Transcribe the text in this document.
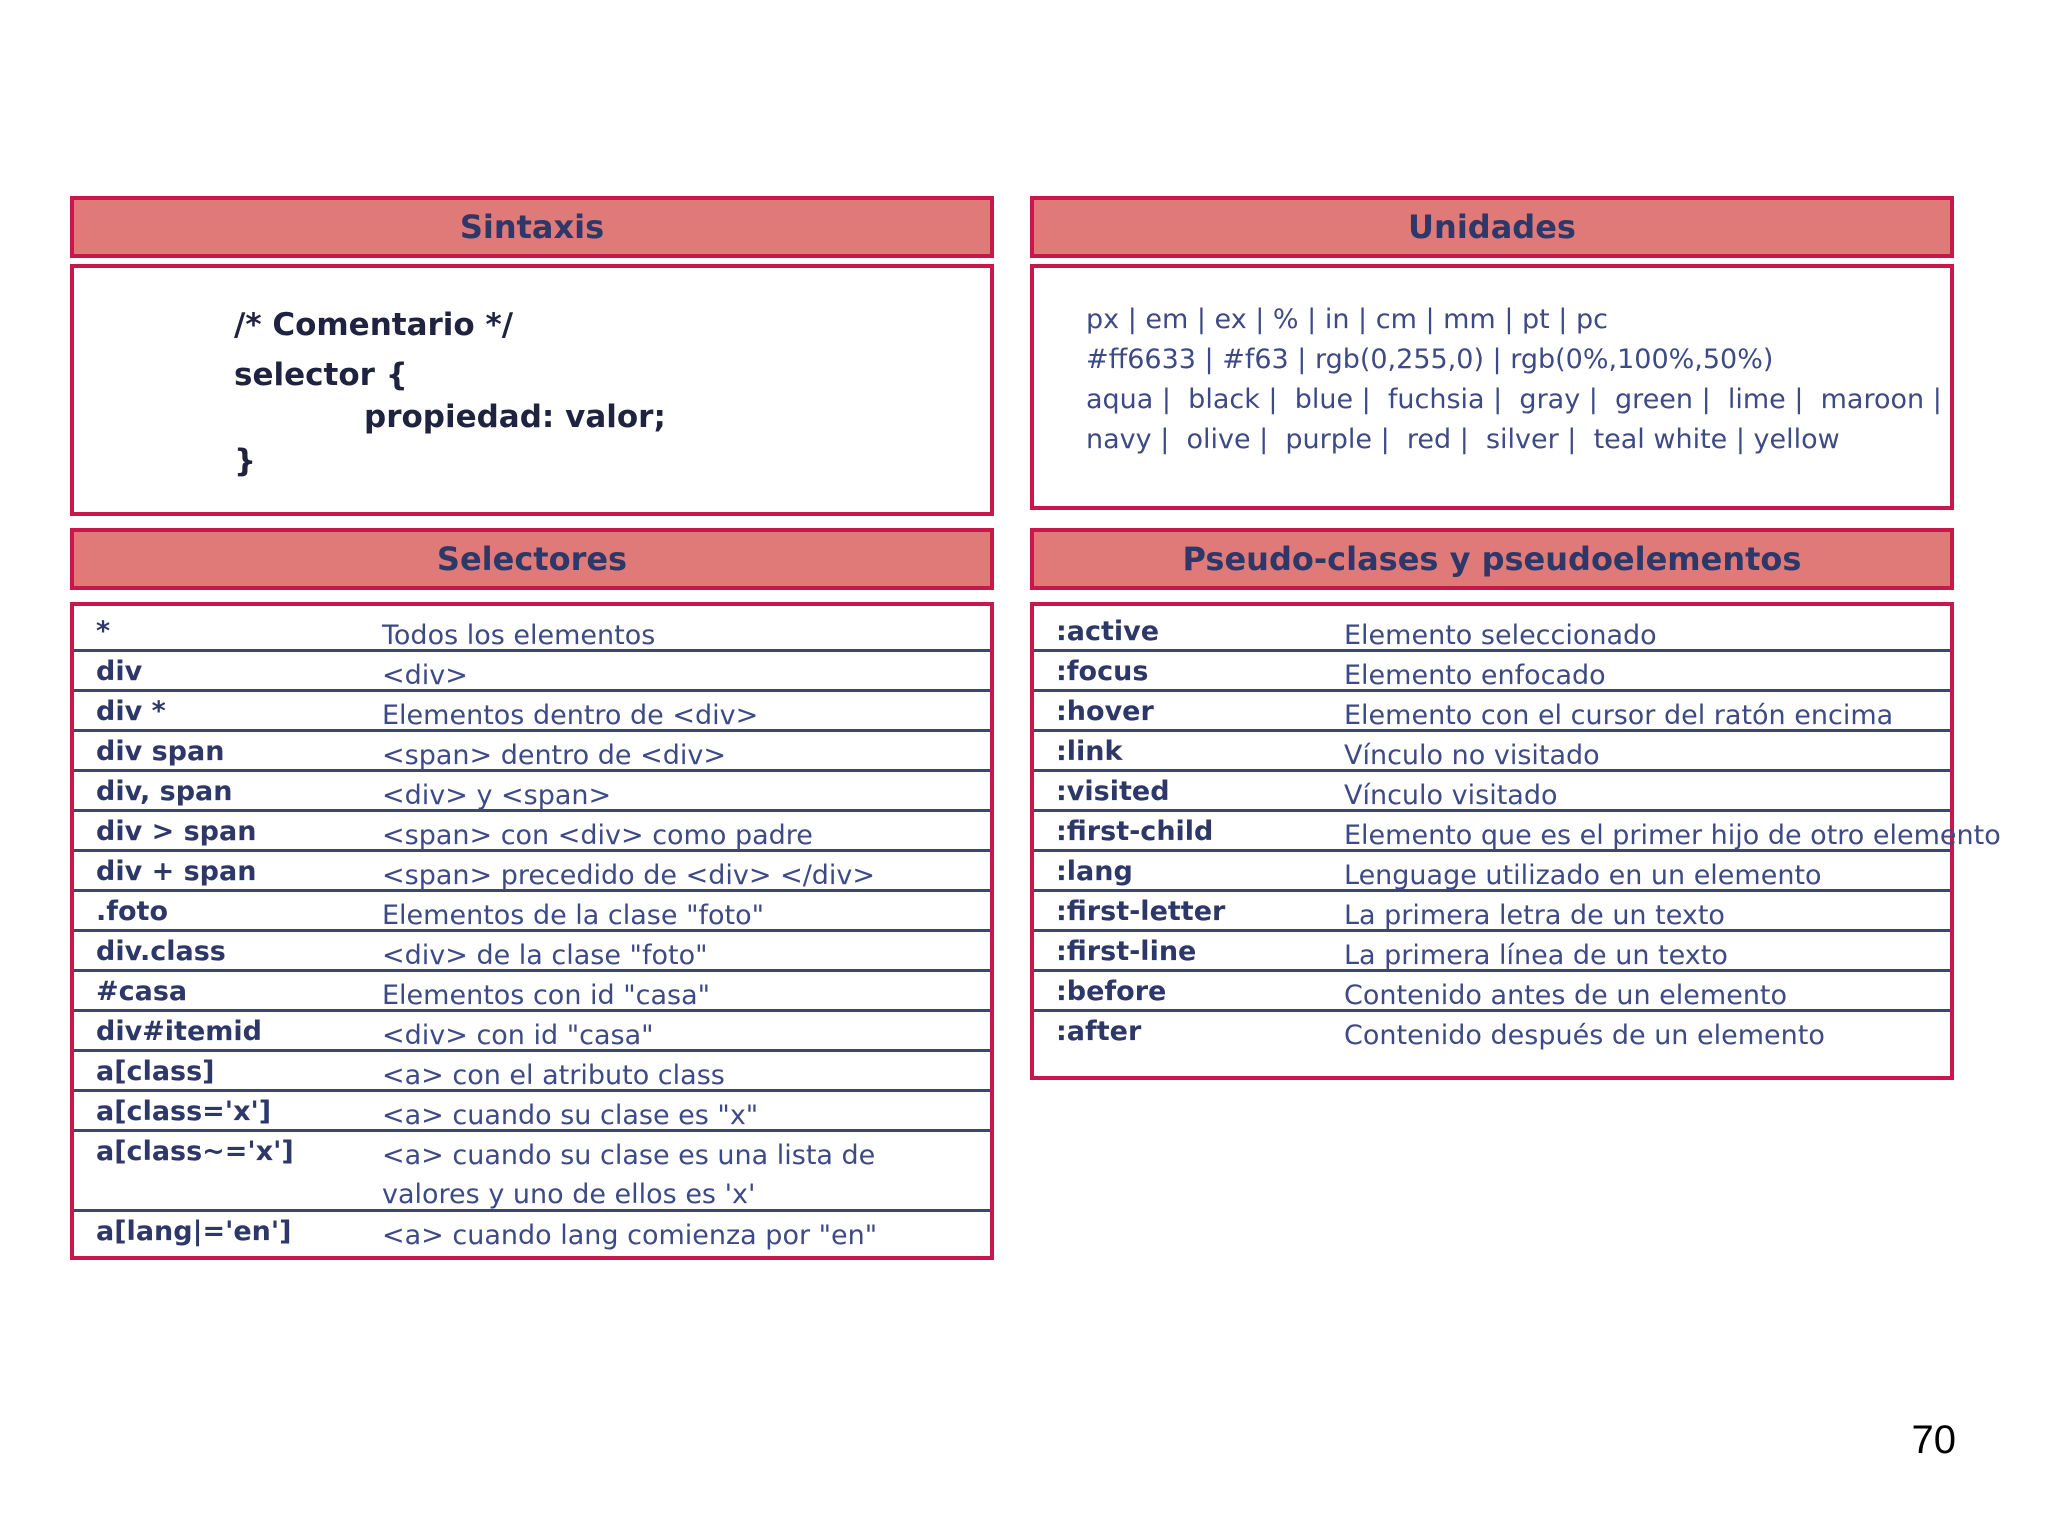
Sintaxis
/* Comentario */
selector {
propiedad: valor;
}
Unidades
px | em | ex | % | in | cm | mm | pt | pc
#ff6633 | #f63 | rgb(0,255,0) | rgb(0%,100%,50%)
aqua |  black |  blue |  fuchsia |  gray |  green |  lime |  maroon |
navy |  olive |  purple |  red |  silver |  teal white | yellow
Selectores
*	Todos los elementos
div	<div>
div *	Elementos dentro de <div>
div span	<span> dentro de <div>
div, span	<div> y <span>
div > span	<span> con <div> como padre
div + span	<span> precedido de <div> </div>
.foto	Elementos de la clase "foto"
div.class	<div> de la clase "foto"
#casa	Elementos con id "casa"
div#itemid	<div> con id "casa"
a[class]	<a> con el atributo class
a[class='x']	<a> cuando su clase es "x"
a[class~='x']	<a> cuando su clase es una lista de
valores y uno de ellos es 'x'
a[lang|='en']	<a> cuando lang comienza por "en"
Pseudo-clases y pseudoelementos
:active	Elemento seleccionado
:focus	Elemento enfocado
:hover	Elemento con el cursor del ratón encima
:link	Vínculo no visitado
:visited	Vínculo visitado
:first-child	Elemento que es el primer hijo de otro elemento
:lang	Lenguage utilizado en un elemento
:first-letter	La primera letra de un texto
:first-line	La primera línea de un texto
:before	Contenido antes de un elemento
:after	Contenido después de un elemento
70
